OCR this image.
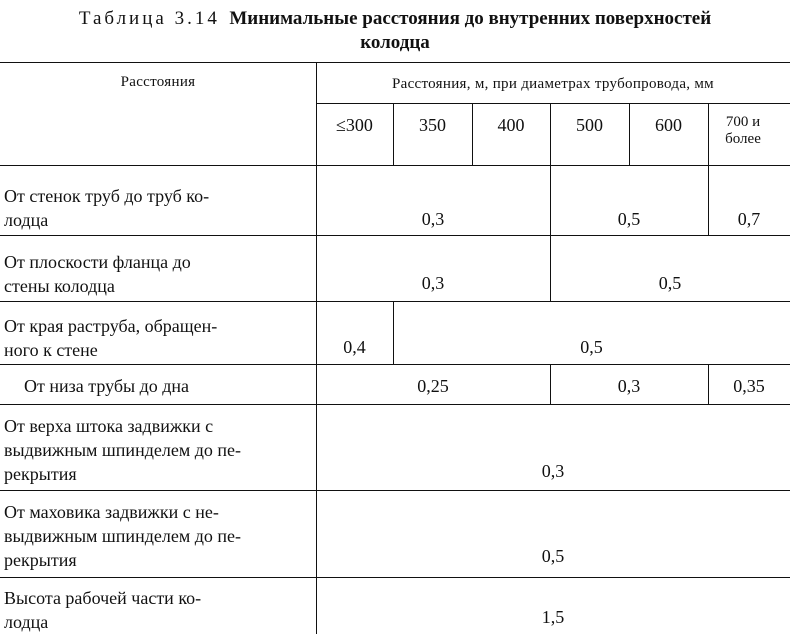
Таблица 3.14 Минимальные расстояния до внутренних поверхностей
колодца
Расстояния	Расстояния, м, при диаметрах трубопровода, мм
≤300	350	400	500	600	700 и более
От стенок труб до труб ко-
лодца	0,3	0,5	0,7
От плоскости фланца до
стены колодца	0,3	0,5
От края раструба, обращен-
ного к стене	0,4	0,5
От низа трубы до дна	0,25	0,3	0,35
От верха штока задвижки с
выдвижным шпинделем до пе-
рекрытия	0,3
От маховика задвижки с не-
выдвижным шпинделем до пе-
рекрытия	0,5
Высота рабочей части ко-
лодца	1,5
